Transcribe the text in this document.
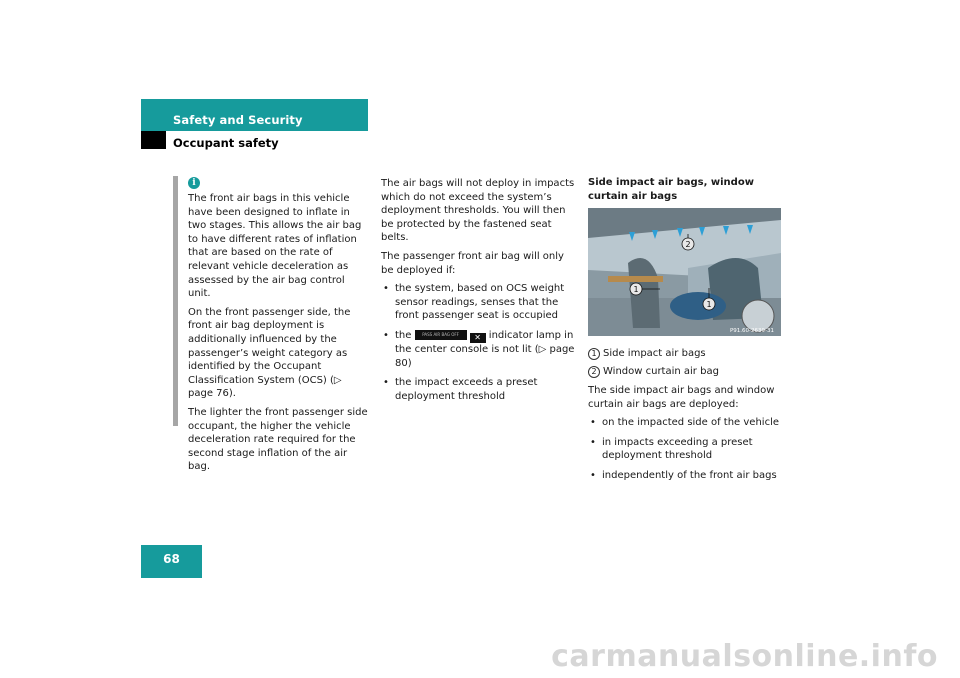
Safety and Security
Occupant safety
i

The front air bags in this vehicle have been designed to inflate in two stages. This allows the air bag to have different rates of inflation that are based on the rate of relevant vehicle deceleration as assessed by the air bag control unit.

On the front passenger side, the front air bag deployment is additionally influenced by the passenger’s weight category as identified by the Occupant Classification System (OCS) (▷ page 76).

The lighter the front passenger side occupant, the higher the vehicle deceleration rate required for the second stage inflation of the air bag.

The air bags will not deploy in impacts which do not exceed the system’s deployment thresholds. You will then be protected by the fastened seat belts.

The passenger front air bag will only be deployed if:

• the system, based on OCS weight sensor readings, senses that the front passenger seat is occupied
• the	PASS AIR BAG OFF ✕ indicator lamp in the center console is not lit (▷ page 80)
• the impact exceeds a preset deployment threshold
Side impact air bags, window curtain air bags
2
1
1
P91.60-2639-31

1 Side impact air bags

2 Window curtain air bag

The side impact air bags and window curtain air bags are deployed:

• on the impacted side of the vehicle
• in impacts exceeding a preset deployment threshold
• independently of the front air bags
68
carmanualsonline.info
